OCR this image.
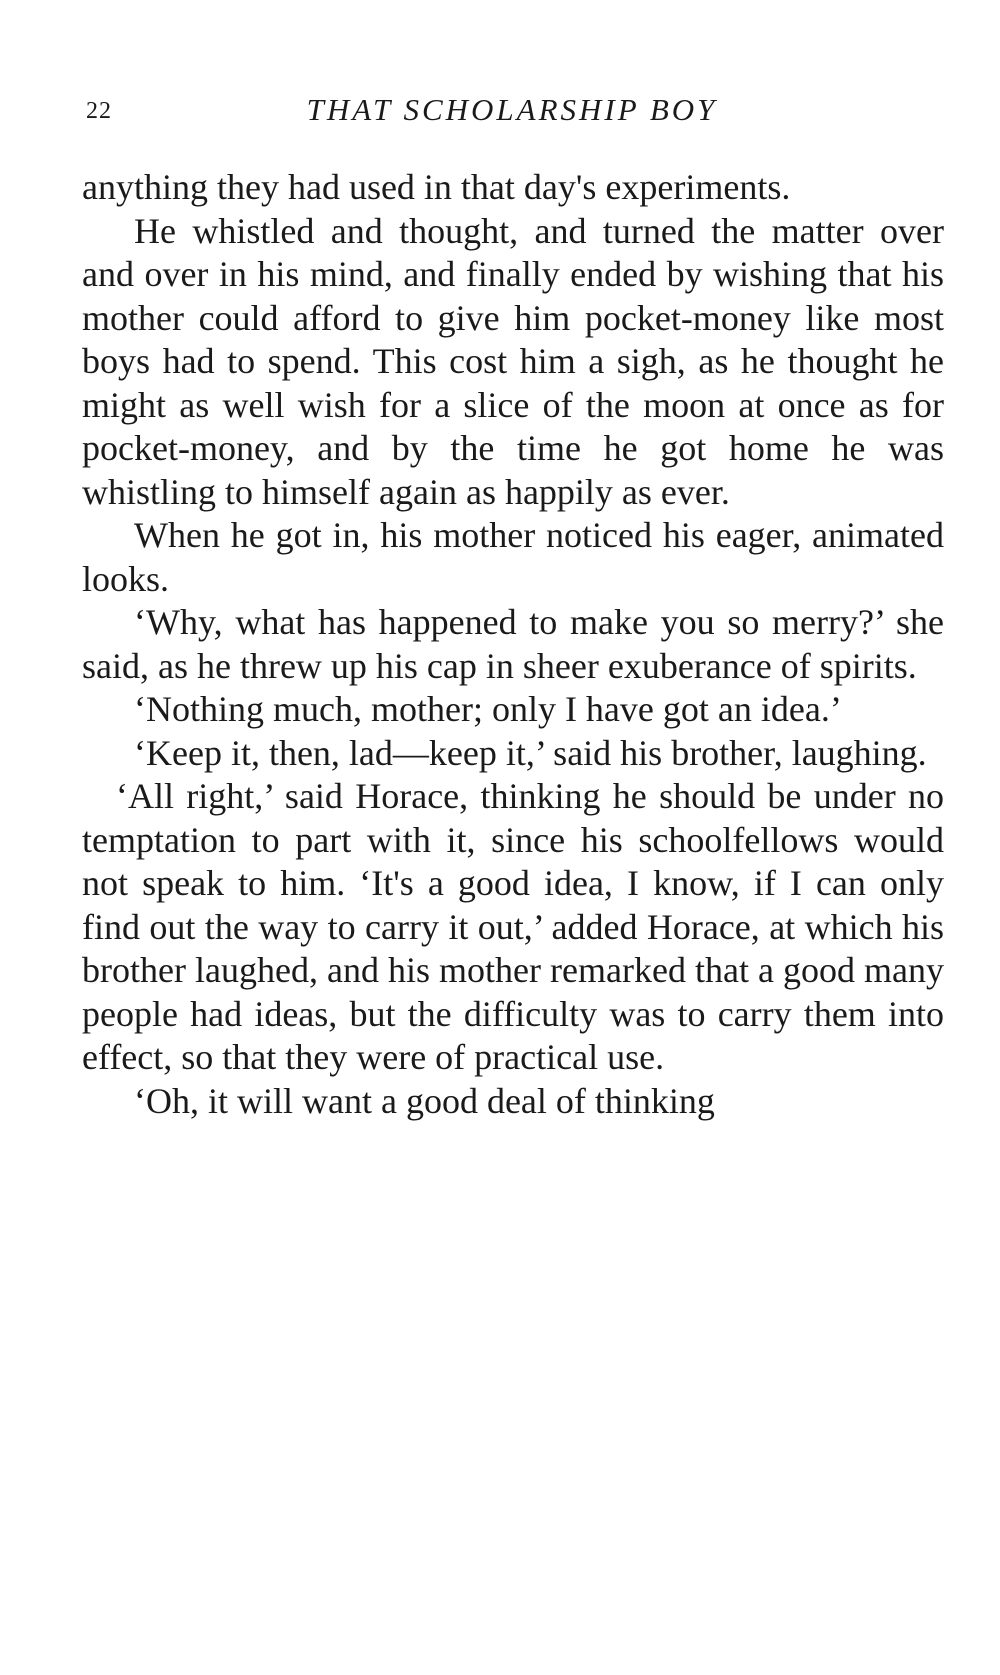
22	THAT SCHOLARSHIP BOY

anything they had used in that day's experiments.

He whistled and thought, and turned the matter over and over in his mind, and finally ended by wishing that his mother could afford to give him pocket-money like most boys had to spend. This cost him a sigh, as he thought he might as well wish for a slice of the moon at once as for pocket-money, and by the time he got home he was whistling to himself again as happily as ever.

When he got in, his mother noticed his eager, animated looks.

‘Why, what has happened to make you so merry?’ she said, as he threw up his cap in sheer exuberance of spirits.

‘Nothing much, mother; only I have got an idea.’

‘Keep it, then, lad—keep it,’ said his brother, laughing.

‘All right,’ said Horace, thinking he should be under no temptation to part with it, since his schoolfellows would not speak to him. ‘It's a good idea, I know, if I can only find out the way to carry it out,’ added Horace, at which his brother laughed, and his mother remarked that a good many people had ideas, but the difficulty was to carry them into effect, so that they were of practical use.

‘Oh, it will want a good deal of thinking
